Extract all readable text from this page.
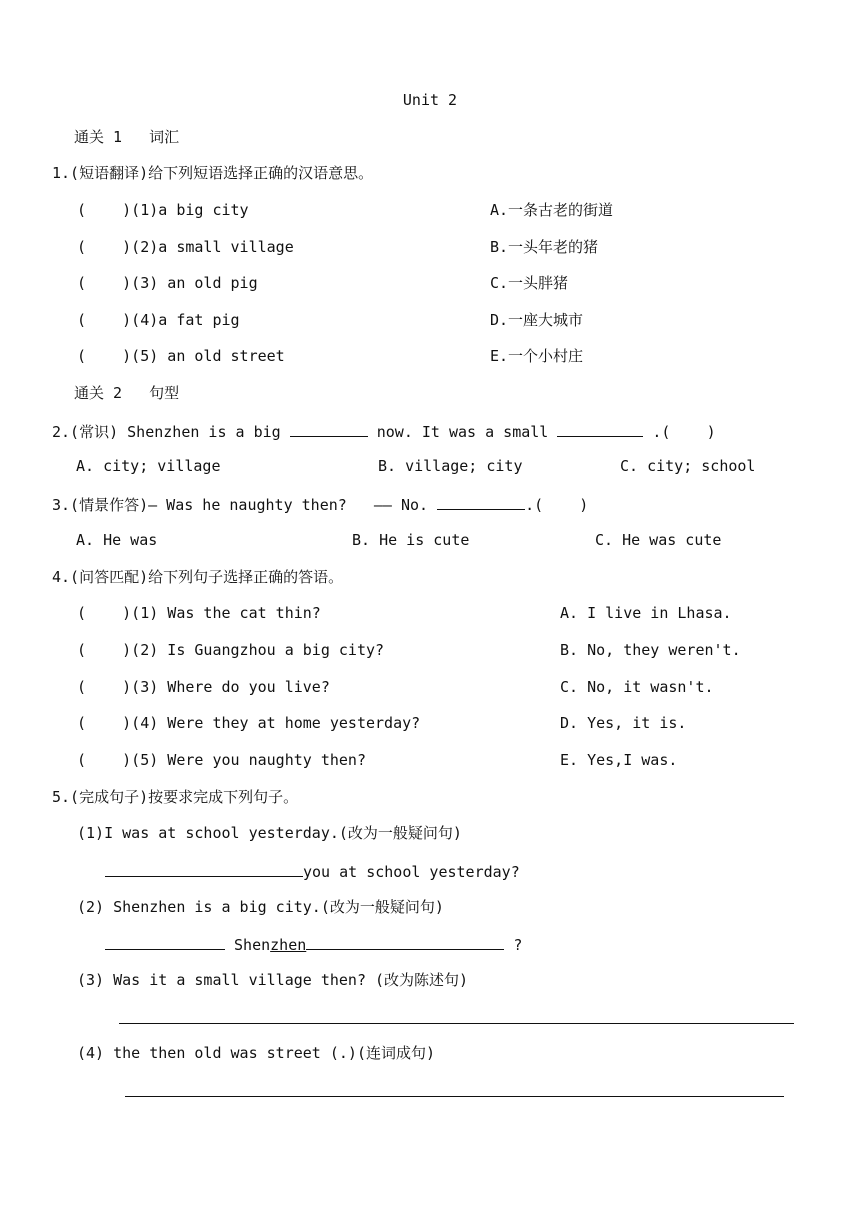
Unit 2
通关 1   词汇
1.(短语翻译)给下列短语选择正确的汉语意思。
(    )(1)a big city	A.一条古老的街道
(    )(2)a small village	B.一头年老的猪
(    )(3) an old pig	C.一头胖猪
(    )(4)a fat pig	D.一座大城市
(    )(5) an old street	E.一个小村庄
通关 2   句型
2.(常识) Shenzhen is a big	now. It was a small	.(    )
A. city; village	B. village; city	C. city; school
3.(情景作答)— Was he naughty then?   —— No.	.(    )
A. He was	B. He is cute	C. He was cute
4.(问答匹配)给下列句子选择正确的答语。
(    )(1) Was the cat thin?	A. I live in Lhasa.
(    )(2) Is Guangzhou a big city?	B. No, they weren't.
(    )(3) Where do you live?	C. No, it wasn't.
(    )(4) Were they at home yesterday?	D. Yes, it is.
(    )(5) Were you naughty then?	E. Yes,I was.
5.(完成句子)按要求完成下列句子。
(1)I was at school yesterday.(改为一般疑问句)
you at school yesterday?
(2) Shenzhen is a big city.(改为一般疑问句)
Shenzhen	?
(3) Was it a small village then? (改为陈述句)
(4) the then old was street (.)(连词成句)
